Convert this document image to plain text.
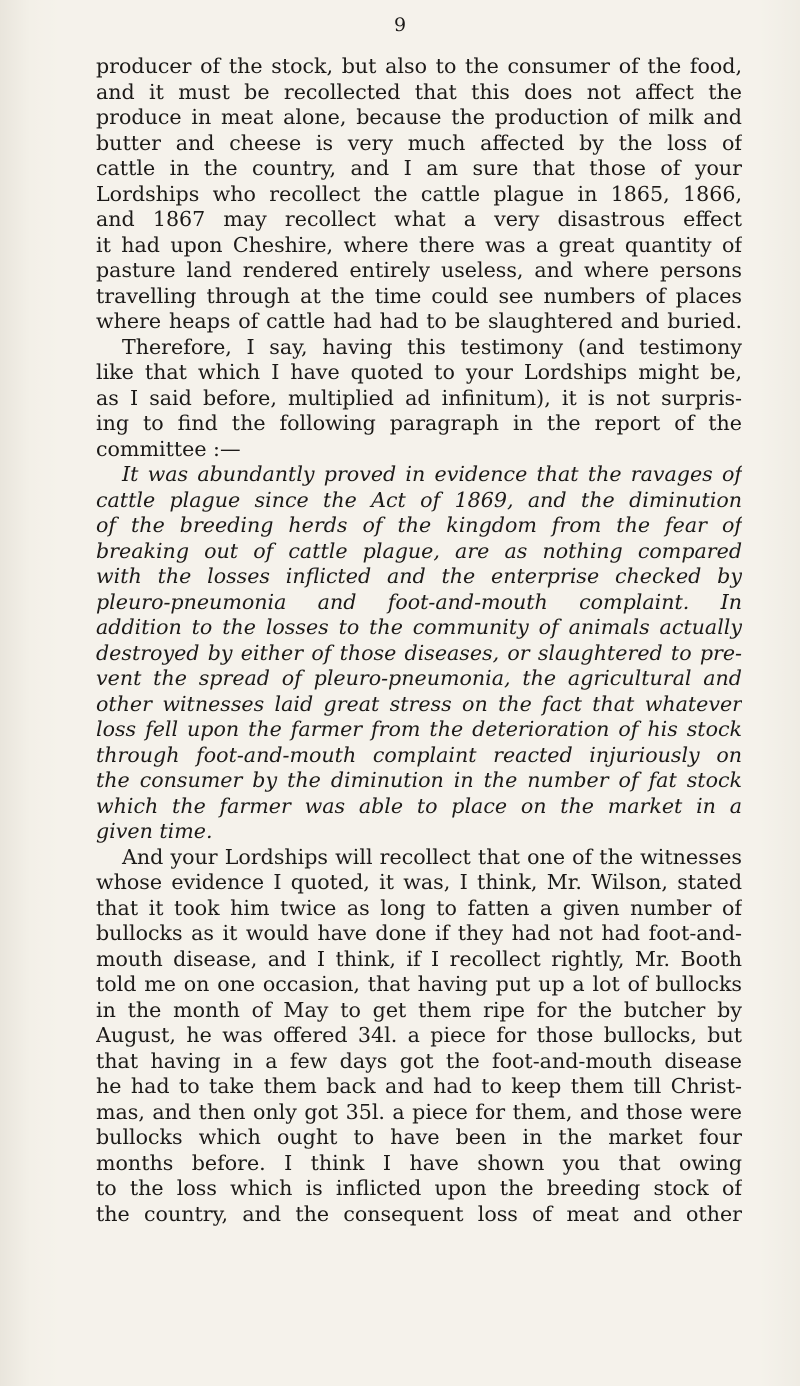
9
producer of the stock, but also to the consumer of the food,
and it must be recollected that this does not affect the
produce in meat alone, because the production of milk and
butter and cheese is very much affected by the loss of
cattle in the country, and I am sure that those of your
Lordships who recollect the cattle plague in 1865, 1866,
and 1867 may recollect what a very disastrous effect
it had upon Cheshire, where there was a great quantity of
pasture land rendered entirely useless, and where persons
travelling through at the time could see numbers of places
where heaps of cattle had had to be slaughtered and buried.
Therefore, I say, having this testimony (and testimony
like that which I have quoted to your Lordships might be,
as I said before, multiplied ad infinitum), it is not surpris-
ing to find the following paragraph in the report of the
committee :—
It was abundantly proved in evidence that the ravages of
cattle plague since the Act of 1869, and the diminution
of the breeding herds of the kingdom from the fear of
breaking out of cattle plague, are as nothing compared
with the losses inflicted and the enterprise checked by
pleuro-pneumonia and foot-and-mouth complaint. In
addition to the losses to the community of animals actually
destroyed by either of those diseases, or slaughtered to pre-
vent the spread of pleuro-pneumonia, the agricultural and
other witnesses laid great stress on the fact that whatever
loss fell upon the farmer from the deterioration of his stock
through foot-and-mouth complaint reacted injuriously on
the consumer by the diminution in the number of fat stock
which the farmer was able to place on the market in a
given time.
And your Lordships will recollect that one of the witnesses
whose evidence I quoted, it was, I think, Mr. Wilson, stated
that it took him twice as long to fatten a given number of
bullocks as it would have done if they had not had foot-and-
mouth disease, and I think, if I recollect rightly, Mr. Booth
told me on one occasion, that having put up a lot of bullocks
in the month of May to get them ripe for the butcher by
August, he was offered 34l. a piece for those bullocks, but
that having in a few days got the foot-and-mouth disease
he had to take them back and had to keep them till Christ-
mas, and then only got 35l. a piece for them, and those were
bullocks which ought to have been in the market four
months before. I think I have shown you that owing
to the loss which is inflicted upon the breeding stock of
the country, and the consequent loss of meat and other
